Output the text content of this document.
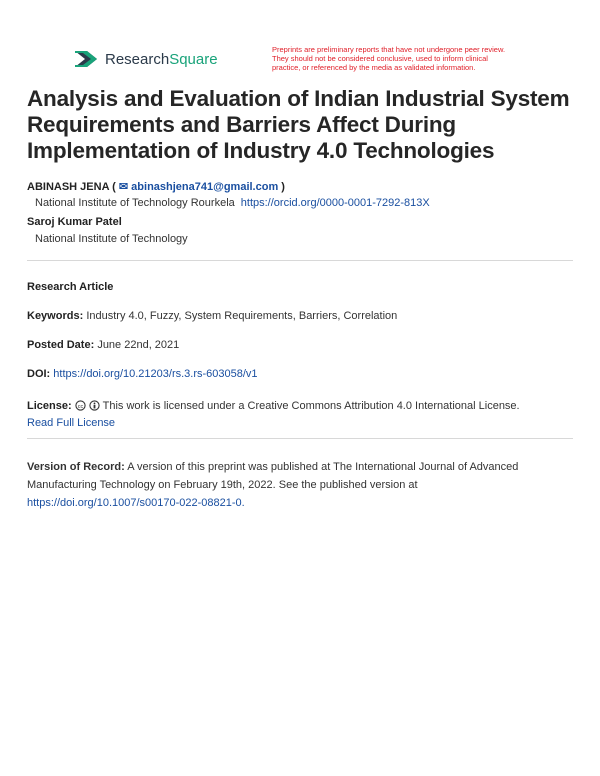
ResearchSquare
Preprints are preliminary reports that have not undergone peer review. They should not be considered conclusive, used to inform clinical practice, or referenced by the media as validated information.
Analysis and Evaluation of Indian Industrial System Requirements and Barriers Affect During Implementation of Industry 4.0 Technologies
ABINASH JENA ( ✉ abinashjena741@gmail.com )
National Institute of Technology Rourkela https://orcid.org/0000-0001-7292-813X
Saroj Kumar Patel
National Institute of Technology
Research Article
Keywords: Industry 4.0, Fuzzy, System Requirements, Barriers, Correlation
Posted Date: June 22nd, 2021
DOI: https://doi.org/10.21203/rs.3.rs-603058/v1
License: cc This work is licensed under a Creative Commons Attribution 4.0 International License.
Read Full License
Version of Record: A version of this preprint was published at The International Journal of Advanced Manufacturing Technology on February 19th, 2022. See the published version at https://doi.org/10.1007/s00170-022-08821-0.
